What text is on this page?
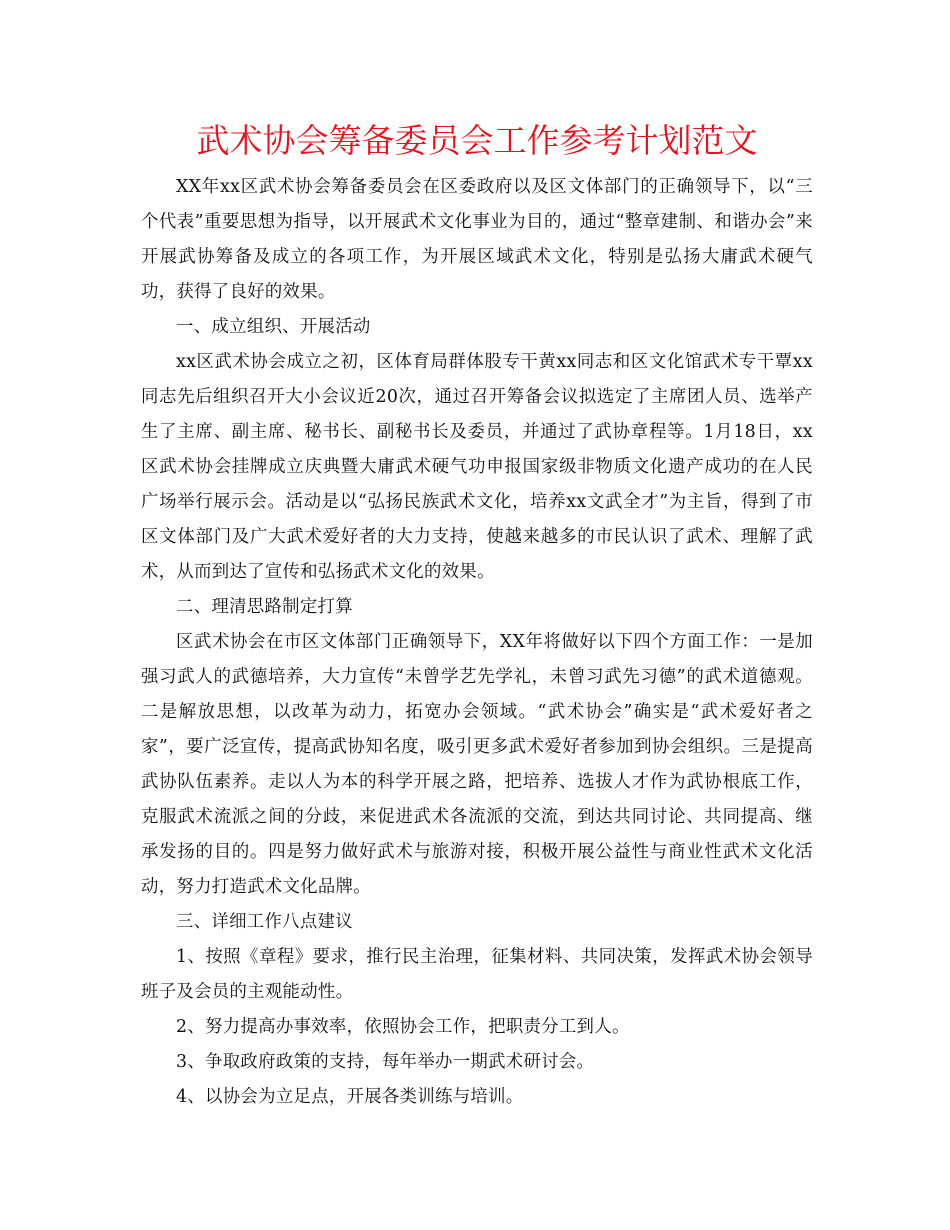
武术协会筹备委员会工作参考计划范文

XX年xx区武术协会筹备委员会在区委政府以及区文体部门的正确领导下，以“三个代表”重要思想为指导，以开展武术文化事业为目的，通过“整章建制、和谐办会”来开展武协筹备及成立的各项工作，为开展区域武术文化，特别是弘扬大庸武术硬气功，获得了良好的效果。

一、成立组织、开展活动

xx区武术协会成立之初，区体育局群体股专干黄xx同志和区文化馆武术专干覃xx同志先后组织召开大小会议近20次，通过召开筹备会议拟选定了主席团人员、选举产生了主席、副主席、秘书长、副秘书长及委员，并通过了武协章程等。1月18日，xx区武术协会挂牌成立庆典暨大庸武术硬气功申报国家级非物质文化遗产成功的在人民广场举行展示会。活动是以“弘扬民族武术文化，培养xx文武全才”为主旨，得到了市区文体部门及广大武术爱好者的大力支持，使越来越多的市民认识了武术、理解了武术，从而到达了宣传和弘扬武术文化的效果。

二、理清思路制定打算

区武术协会在市区文体部门正确领导下，XX年将做好以下四个方面工作：一是加强习武人的武德培养，大力宣传“未曾学艺先学礼，未曾习武先习德”的武术道德观。二是解放思想，以改革为动力，拓宽办会领域。“武术协会”确实是“武术爱好者之家”，要广泛宣传，提高武协知名度，吸引更多武术爱好者参加到协会组织。三是提高武协队伍素养。走以人为本的科学开展之路，把培养、选拔人才作为武协根底工作，克服武术流派之间的分歧，来促进武术各流派的交流，到达共同讨论、共同提高、继承发扬的目的。四是努力做好武术与旅游对接，积极开展公益性与商业性武术文化活动，努力打造武术文化品牌。

三、详细工作八点建议

1、按照《章程》要求，推行民主治理，征集材料、共同决策，发挥武术协会领导班子及会员的主观能动性。

2、努力提高办事效率，依照协会工作，把职责分工到人。

3、争取政府政策的支持，每年举办一期武术研讨会。

4、以协会为立足点，开展各类训练与培训。
